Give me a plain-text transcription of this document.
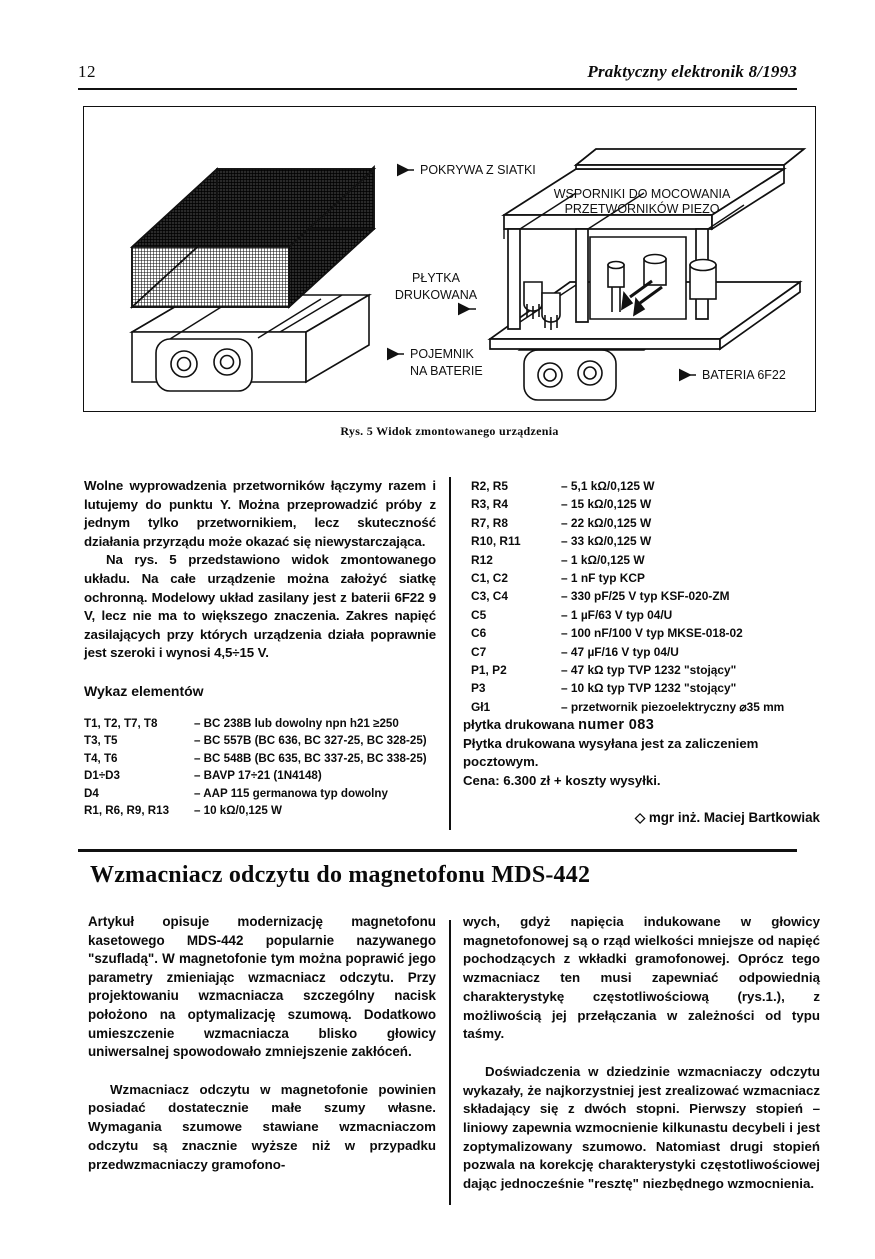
12	Praktyczny elektronik 8/1993
POKRYWA Z SIATKI
PŁYTKA
DRUKOWANA
POJEMNIK
NA BATERIE
WSPORNIKI DO MOCOWANIA
PRZETWORNIKÓW PIEZO
BATERIA 6F22
Rys. 5 Widok zmontowanego urządzenia

Wolne wyprowadzenia przetworników łączymy razem i lutujemy do punktu Y. Można przeprowadzić próby z jednym tylko przetwornikiem, lecz skuteczność działania przyrządu może okazać się niewystarczająca.

Na rys. 5 przedstawiono widok zmontowanego układu. Na całe urządzenie można założyć siatkę ochronną. Modelowy układ zasilany jest z baterii 6F22 9 V, lecz nie ma to większego znaczenia. Zakres napięć zasilających przy których urządzenia działa poprawnie jest szeroki i wynosi 4,5÷15 V.

Wykaz elementów
T1, T2, T7, T8	– BC 238B lub dowolny npn h21 ≥250
T3, T5	– BC 557B (BC 636, BC 327-25, BC 328-25)
T4, T6	– BC 548B (BC 635, BC 337-25, BC 338-25)
D1÷D3	– BAVP 17÷21 (1N4148)
D4	– AAP 115 germanowa typ dowolny
R1, R6, R9, R13	– 10 kΩ/0,125 W
R2, R5	– 5,1 kΩ/0,125 W
R3, R4	– 15 kΩ/0,125 W
R7, R8	– 22 kΩ/0,125 W
R10, R11	– 33 kΩ/0,125 W
R12	– 1 kΩ/0,125 W
C1, C2	– 1 nF typ KCP
C3, C4	– 330 pF/25 V typ KSF-020-ZM
C5	– 1 µF/63 V typ 04/U
C6	– 100 nF/100 V typ MKSE-018-02
C7	– 47 µF/16 V typ 04/U
P1, P2	– 47 kΩ typ TVP 1232 "stojący"
P3	– 10 kΩ typ TVP 1232 "stojący"
Gł1	– przetwornik piezoelektryczny ⌀35 mm

płytka drukowana numer 083

Płytka drukowana wysyłana jest za zaliczeniem pocztowym.

Cena: 6.300 zł + koszty wysyłki.

◇ mgr inż. Maciej Bartkowiak
Wzmacniacz odczytu do magnetofonu MDS-442

Artykuł opisuje modernizację magnetofonu kasetowego MDS-442 popularnie nazywanego "szufladą". W magnetofonie tym można poprawić jego parametry zmieniając wzmacniacz odczytu. Przy projektowaniu wzmacniacza szczególny nacisk położono na optymalizację szumową. Dodatkowo umieszczenie wzmacniacza blisko głowicy uniwersalnej spowodowało zmniejszenie zakłóceń.

Wzmacniacz odczytu w magnetofonie powinien posiadać dostatecznie małe szumy własne. Wymagania szumowe stawiane wzmacniaczom odczytu są znacznie wyższe niż w przypadku przedwzmacniaczy gramofono-

wych, gdyż napięcia indukowane w głowicy magnetofonowej są o rząd wielkości mniejsze od napięć pochodzących z wkładki gramofonowej. Oprócz tego wzmacniacz ten musi zapewniać odpowiednią charakterystykę częstotliwościową (rys.1.), z możliwością jej przełączania w zależności od typu taśmy.

Doświadczenia w dziedzinie wzmacniaczy odczytu wykazały, że najkorzystniej jest zrealizować wzmacniacz składający się z dwóch stopni. Pierwszy stopień – liniowy zapewnia wzmocnienie kilkunastu decybeli i jest zoptymalizowany szumowo. Natomiast drugi stopień pozwala na korekcję charakterystyki częstotliwościowej dając jednocześnie "resztę" niezbędnego wzmocnienia.
